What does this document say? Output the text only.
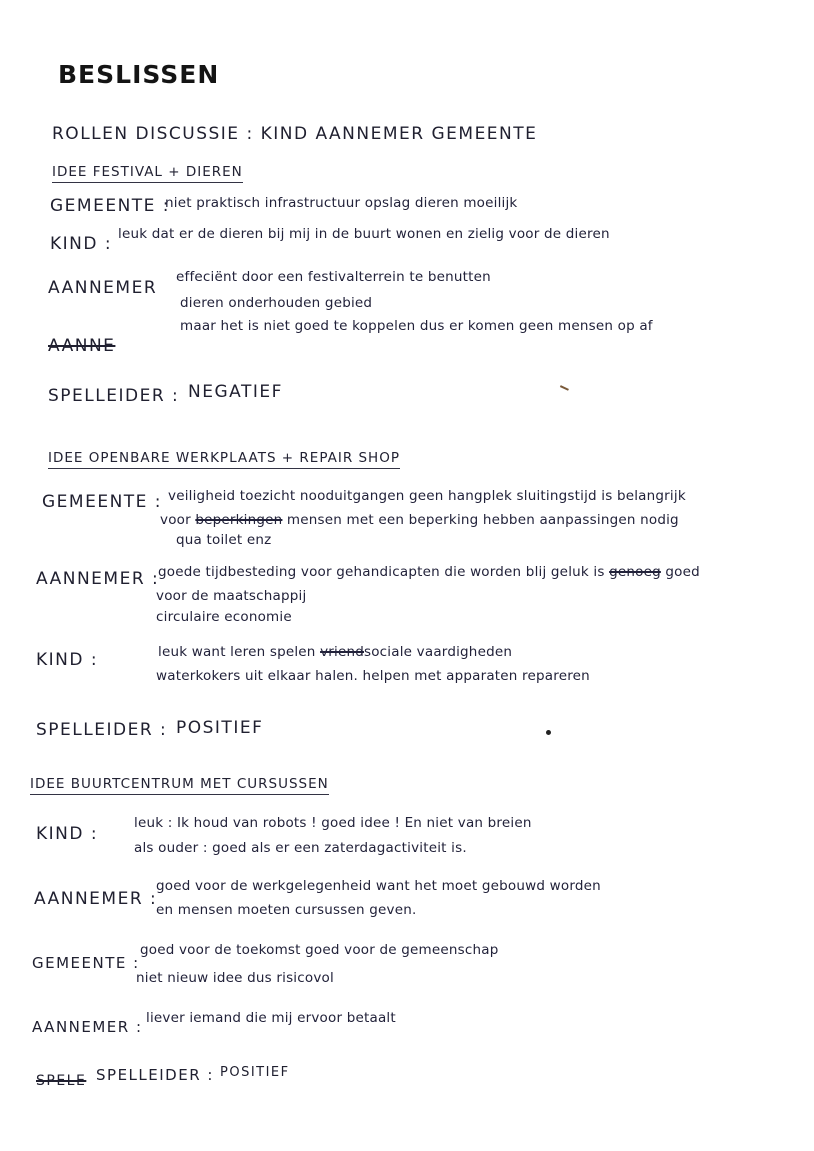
BESLISSEN
ROLLEN DISCUSSIE : KIND AANNEMER GEMEENTE
IDEE FESTIVAL + DIEREN
GEMEENTE :
niet praktisch infrastructuur opslag dieren moeilijk
KIND : leuk dat er de dieren bij mij in de buurt wonen en zielig voor de dieren
AANNEMER
effeciënt door een festivalterrein te benutten
dieren onderhouden gebied
maar het is niet goed te koppelen dus er komen geen mensen op af
AANNE
SPELLEIDER : NEGATIEF
IDEE OPENBARE WERKPLAATS + REPAIR SHOP
GEMEENTE : veiligheid toezicht nooduitgangen geen hangplek sluitingstijd is belangrijk
voor beperkingen mensen met een beperking hebben aanpassingen nodig
qua toilet enz
AANNEMER :
goede tijdbesteding voor gehandicapten die worden blij geluk is genoeg goed
voor de maatschappij
circulaire economie
KIND :	leuk want leren spelen vriendsociale vaardigheden
waterkokers uit elkaar halen. helpen met apparaten repareren
SPELLEIDER : POSITIEF
IDEE BUURTCENTRUM MET CURSUSSEN
KIND :
leuk : Ik houd van robots ! goed idee ! En niet van breien
als ouder : goed als er een zaterdagactiviteit is.
AANNEMER :
goed voor de werkgelegenheid want het moet gebouwd worden
en mensen moeten cursussen geven.
GEMEENTE :
goed voor de toekomst goed voor de gemeenschap
niet nieuw idee dus risicovol
AANNEMER : liever iemand die mij ervoor betaalt
SPELE SPELLEIDER : POSITIEF
